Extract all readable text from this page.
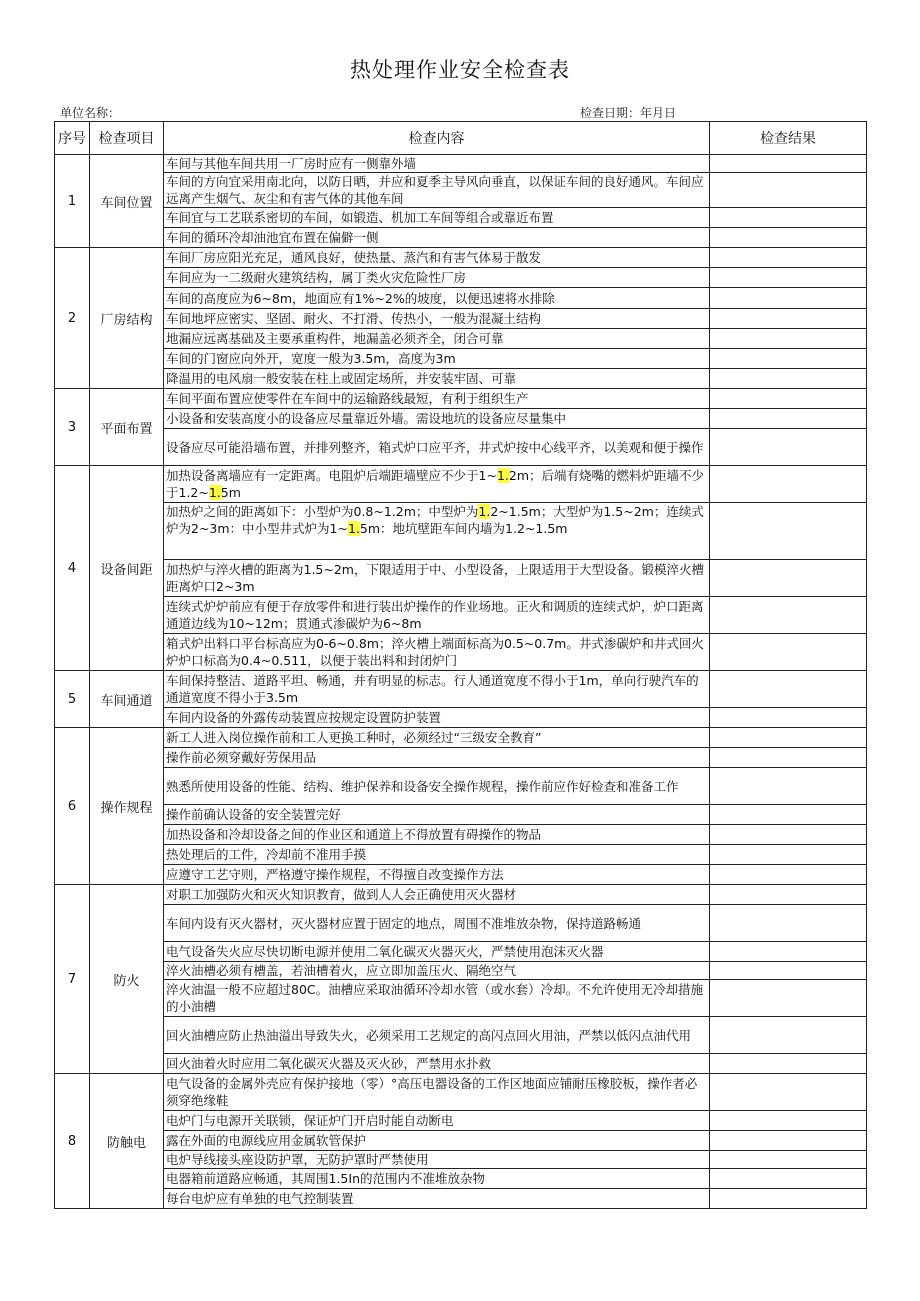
热处理作业安全检查表
单位名称：	检查日期：年月日
序号	检查项目	检查内容	检查结果
1	车间位置	车间与其他车间共用一厂房时应有一侧靠外墙	
		车间的方向宜采用南北向，以防日晒，并应和夏季主导风向垂直，以保证车间的良好通风。车间应远离产生烟气、灰尘和有害气体的其他车间	
		车间宜与工艺联系密切的车间，如锻造、机加工车间等组合或靠近布置	
		车间的循环冷却油池宜布置在偏僻一侧	
2	厂房结构	车间厂房应阳光充足，通风良好，使热量、蒸汽和有害气体易于散发	
		车间应为一二级耐火建筑结构，属丁类火灾危险性厂房	
		车间的高度应为6~8m，地面应有1%~2%的坡度，以便迅速将水排除	
		车间地坪应密实、坚固、耐火、不打滑、传热小，一般为混凝土结构	
		地漏应远离基础及主要承重构件，地漏盖必须齐全，闭合可靠	
		车间的门窗应向外开，宽度一般为3.5m，高度为3m	
		降温用的电风扇一般安装在柱上或固定场所，并安装牢固、可靠	
3	平面布置	车间平面布置应使零件在车间中的运输路线最短，有利于组织生产	
		小设备和安装高度小的设备应尽量靠近外墙。需设地坑的设备应尽量集中	
		设备应尽可能沿墙布置，并排列整齐，箱式炉口应平齐，井式炉按中心线平齐，以美观和便于操作	
4	设备间距	加热设备离墙应有一定距离。电阻炉后端距墙壁应不少于1~1.2m；后端有烧嘴的燃料炉距墙不少于1.2~1.5m	
		加热炉之间的距离如下：小型炉为0.8~1.2m；中型炉为1.2~1.5m；大型炉为1.5~2m；连续式炉为2~3m：中小型井式炉为1~1.5m：地坑壁距车间内墙为1.2~1.5m	
		加热炉与淬火槽的距离为1.5~2m，下限适用于中、小型设备，上限适用于大型设备。锻模淬火槽距离炉口2~3m	
		连续式炉炉前应有便于存放零件和进行装出炉操作的作业场地。正火和调质的连续式炉，炉口距离通道边线为10~12m；贯通式渗碳炉为6~8m	
		箱式炉出料口平台标高应为0-6~0.8m；淬火槽上端面标高为0.5~0.7m。井式渗碳炉和井式回火炉炉口标高为0.4~0.511，以便于装出料和封闭炉门	
5	车间通道	车间保持整洁、道路平坦、畅通，并有明显的标志。行人通道宽度不得小于1m，单向行驶汽车的通道宽度不得小于3.5m	
		车间内设备的外露传动装置应按规定设置防护装置	
6	操作规程	新工人进入岗位操作前和工人更换工种时，必须经过“三级安全教育”	
		操作前必须穿戴好劳保用品	
		熟悉所使用设备的性能、结构、维护保养和设备安全操作规程，操作前应作好检查和准备工作	
		操作前确认设备的安全装置完好	
		加热设备和冷却设备之间的作业区和通道上不得放置有碍操作的物品	
		热处理后的工件，冷却前不准用手摸	
		应遵守工艺守则，严格遵守操作规程，不得擅自改变操作方法	
7	防火	对职工加强防火和灭火知识教育，做到人人会正确使用灭火器材	
		车间内设有灭火器材，灭火器材应置于固定的地点，周围不准堆放杂物，保持道路畅通	
		电气设备失火应尽快切断电源并使用二氧化碳灭火器灭火，严禁使用泡沫灭火器	
		淬火油槽必须有槽盖，若油槽着火，应立即加盖压火、隔绝空气	
		淬火油温一般不应超过80C。油槽应采取油循环冷却水管（或水套）冷却。不允许使用无冷却措施的小油槽	
		回火油槽应防止热油溢出导致失火，必须采用工艺规定的高闪点回火用油，严禁以低闪点油代用	
		回火油着火时应用二氧化碳灭火器及灭火砂，严禁用水扑救	
8	防触电	电气设备的金属外壳应有保护接地（零）°高压电器设备的工作区地面应铺耐压橡胶板，操作者必须穿绝缘鞋	
		电炉门与电源开关联锁，保证炉门开启时能自动断电	
		露在外面的电源线应用金属软管保护	
		电炉导线接头座设防护罩，无防护罩时严禁使用	
		电器箱前道路应畅通，其周围1.5In的范围内不准堆放杂物	
		每台电炉应有单独的电气控制装置	
